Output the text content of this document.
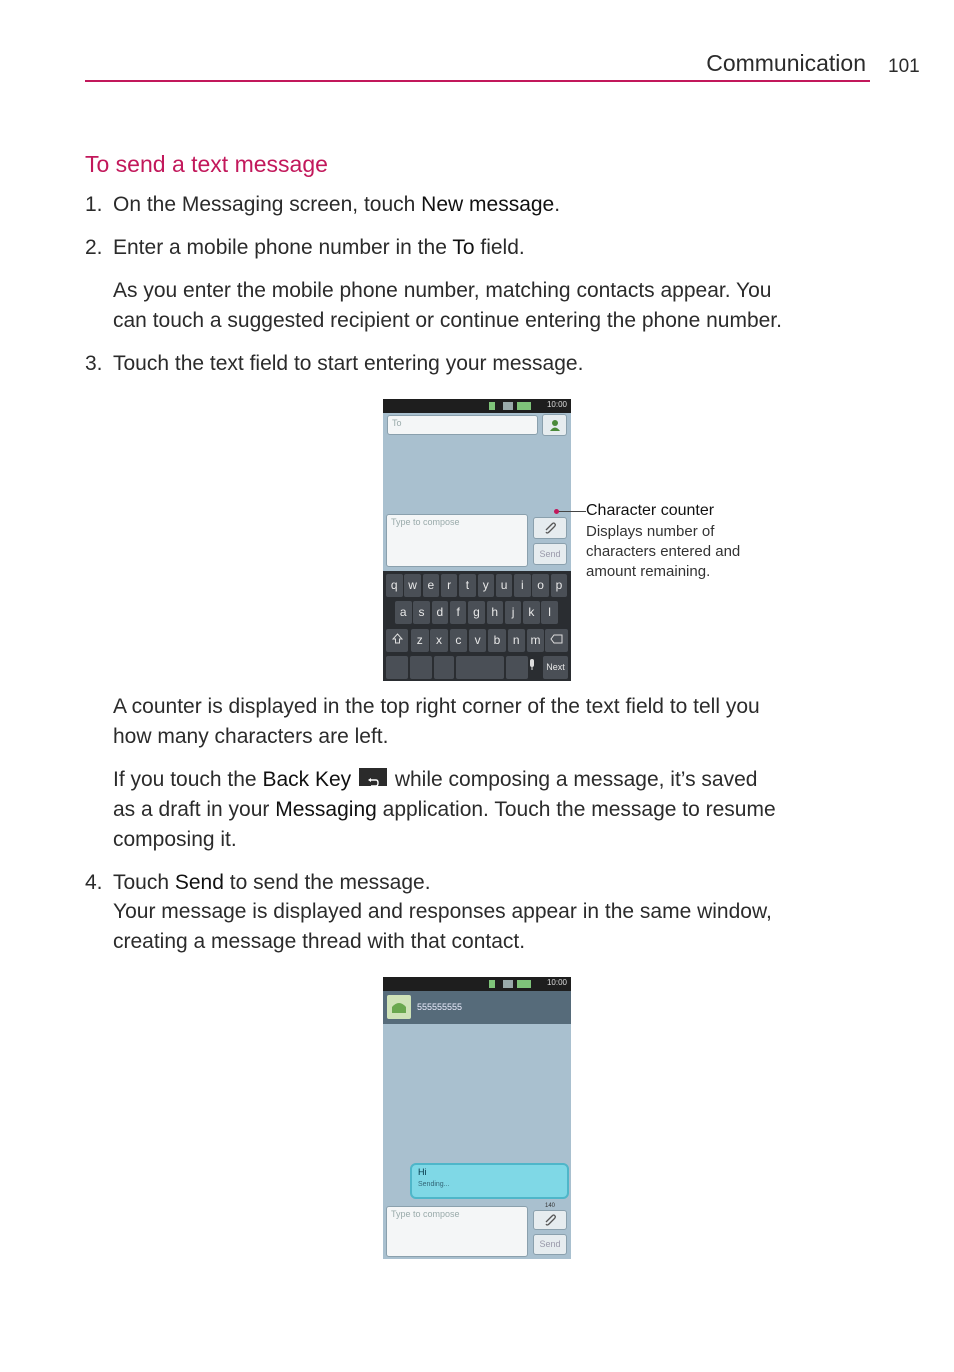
Communication 101
To send a text message
1. On the Messaging screen, touch New message.
2. Enter a mobile phone number in the To field.
As you enter the mobile phone number, matching contacts appear. You
can touch a suggested recipient or continue entering the phone number.
3. Touch the text field to start entering your message.
10:00
To
Type to compose
Send
q w e	r	t	y u	i	o p
a s d	f	g h	j	k	l
z	x	c	v	b	n m
Next
Character counter
Displays number of
characters entered and
amount remaining.
A counter is displayed in the top right corner of the text field to tell you
how many characters are left.
If you touch the Back Key  while composing a message, it’s saved
as a draft in your Messaging application. Touch the message to resume
composing it.
4. Touch Send to send the message.
Your message is displayed and responses appear in the same window,
creating a message thread with that contact.
10:00
555555555
Hi
Sending...
Type to compose
140
Send
